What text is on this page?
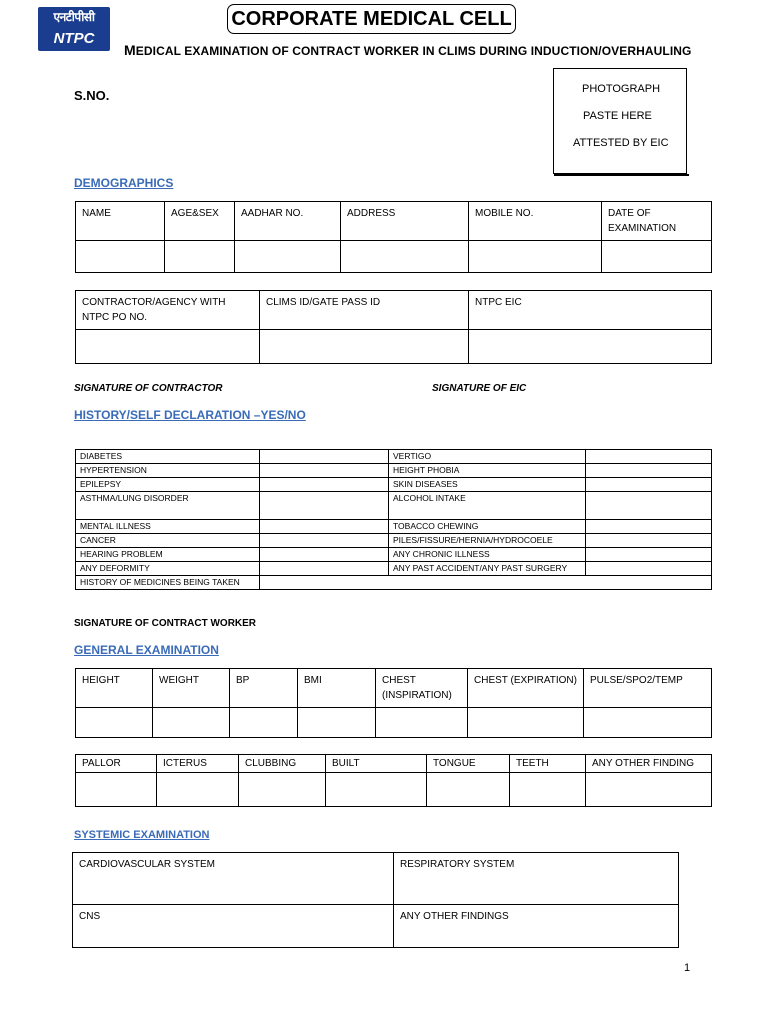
एनटीपीसी
NTPC
CORPORATE MEDICAL CELL
MEDICAL EXAMINATION OF CONTRACT WORKER IN CLIMS DURING INDUCTION/OVERHAULING
S.NO.	PHOTOGRAPH
PASTE HERE
ATTESTED BY EIC
DEMOGRAPHICS
NAME	AGE&SEX	AADHAR NO.	ADDRESS	MOBILE NO.	DATE OF EXAMINATION

CONTRACTOR/AGENCY WITH NTPC PO NO.	CLIMS ID/GATE PASS ID	NTPC EIC

SIGNATURE OF CONTRACTOR	SIGNATURE OF EIC
HISTORY/SELF DECLARATION –YES/NO
DIABETES		VERTIGO	
HYPERTENSION		HEIGHT PHOBIA	
EPILEPSY		SKIN DISEASES	
ASTHMA/LUNG DISORDER		ALCOHOL INTAKE	
MENTAL ILLNESS		TOBACCO CHEWING	
CANCER		PILES/FISSURE/HERNIA/HYDROCOELE	
HEARING PROBLEM		ANY CHRONIC ILLNESS	
ANY DEFORMITY		ANY PAST ACCIDENT/ANY PAST SURGERY	
HISTORY OF MEDICINES BEING TAKEN			
SIGNATURE OF CONTRACT WORKER
GENERAL EXAMINATION
HEIGHT	WEIGHT	BP	BMI	CHEST (INSPIRATION)	CHEST (EXPIRATION)	PULSE/SPO2/TEMP

PALLOR	ICTERUS	CLUBBING	BUILT	TONGUE	TEETH	ANY OTHER FINDING

SYSTEMIC EXAMINATION
CARDIOVASCULAR SYSTEM	RESPIRATORY SYSTEM
CNS	ANY OTHER FINDINGS
1
